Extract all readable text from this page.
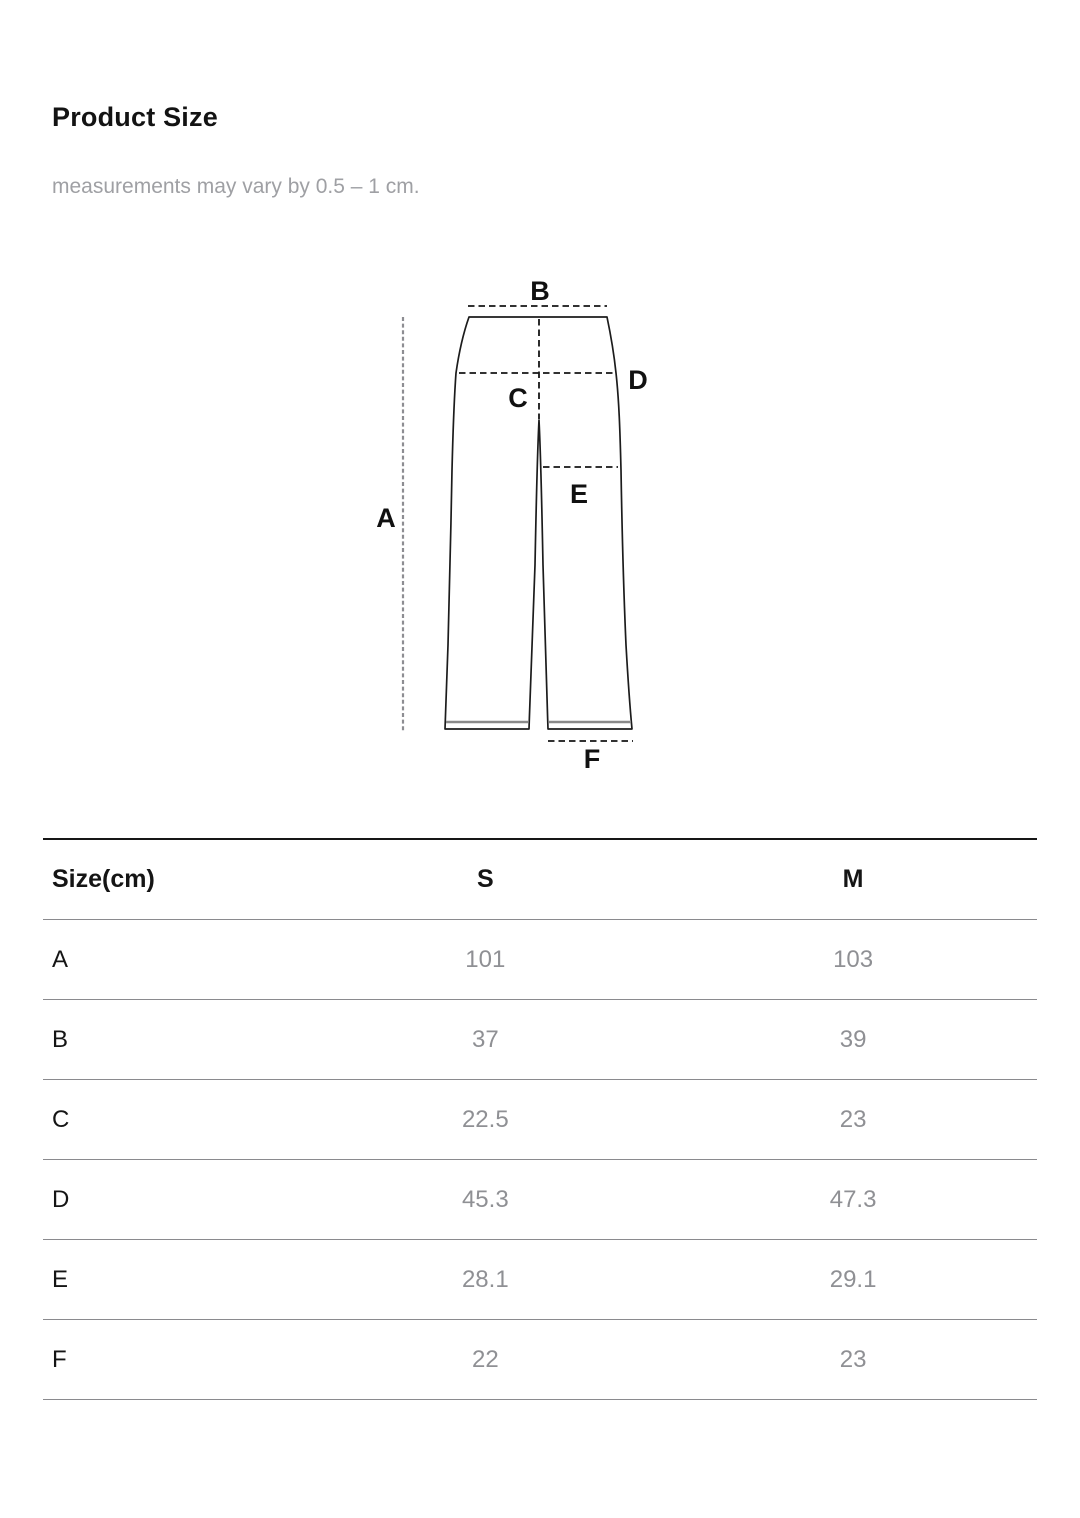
Product Size

measurements may vary by 0.5 – 1 cm.

A
B
C
D
E
F
Size(cm)	S	M
A	101	103
B	37	39
C	22.5	23
D	45.3	47.3
E	28.1	29.1
F	22	23
